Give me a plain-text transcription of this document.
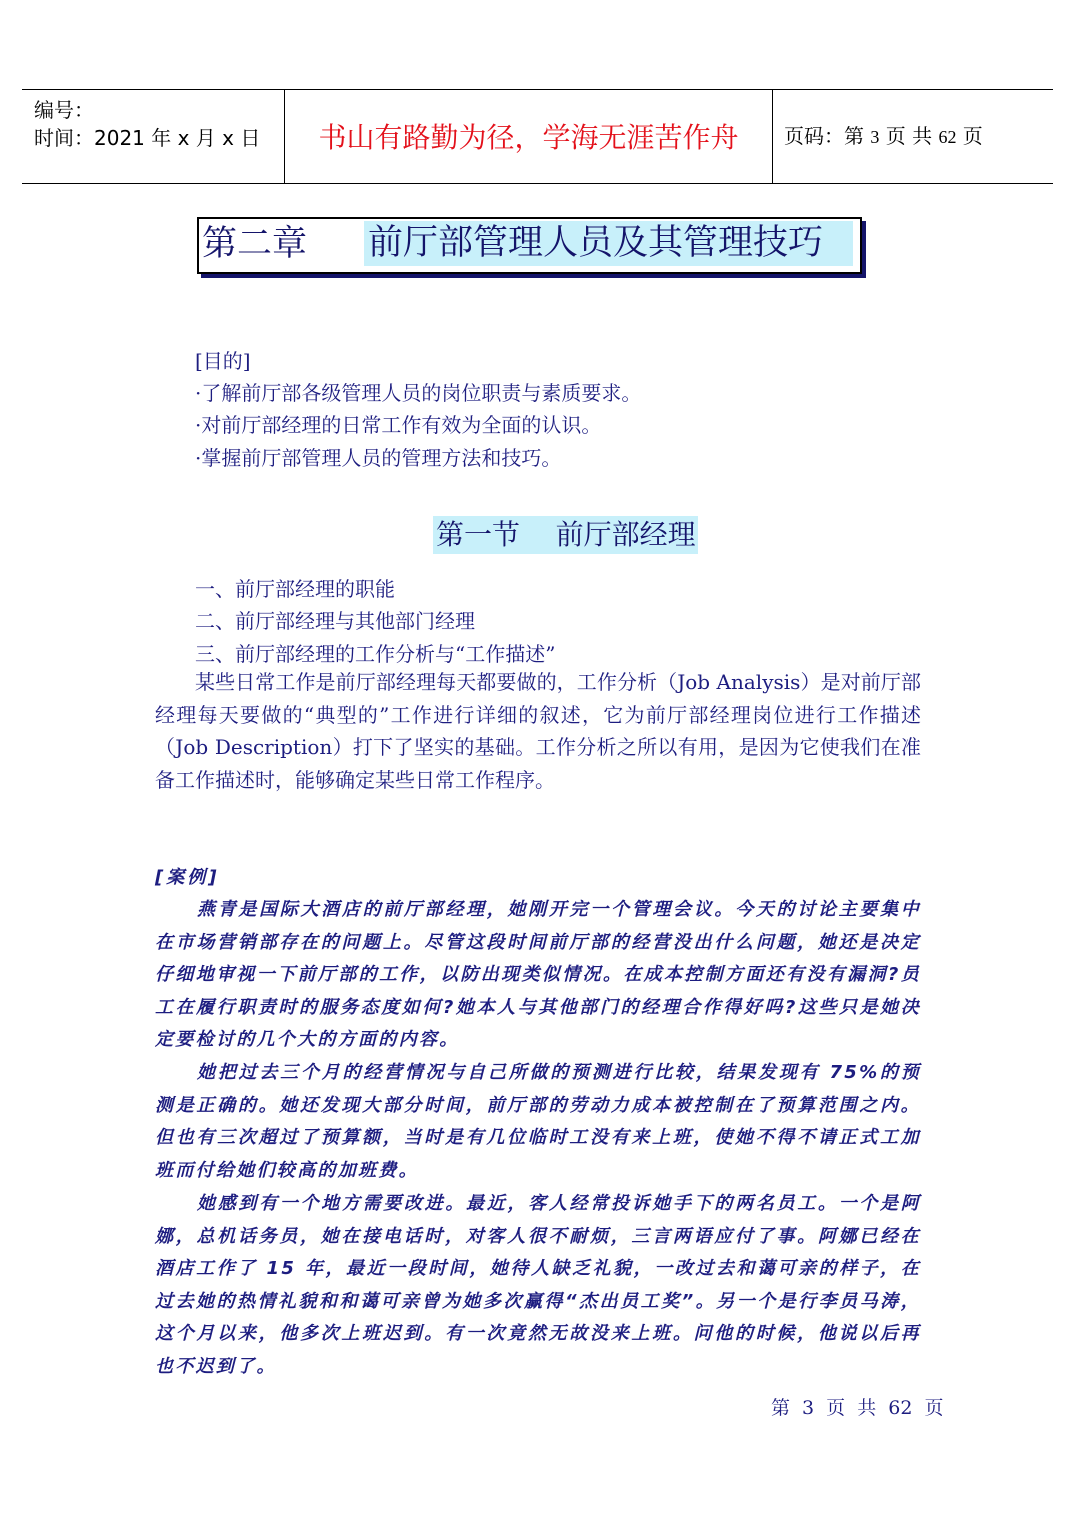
编号：
时间：2021 年 x 月 x 日 书山有路勤为径，学海无涯苦作舟 页码：第 3 页 共 62 页
第二章 前厅部管理人员及其管理技巧
[目的]
·了解前厅部各级管理人员的岗位职责与素质要求。
·对前厅部经理的日常工作有效为全面的认识。
·掌握前厅部管理人员的管理方法和技巧。
第一节    前厅部经理
一、前厅部经理的职能
二、前厅部经理与其他部门经理
三、前厅部经理的工作分析与“工作描述”
某些日常工作是前厅部经理每天都要做的，工作分析（Job Analysis）是对前厅部经理每天要做的“典型的”工作进行详细的叙述，它为前厅部经理岗位进行工作描述（Job Description）打下了坚实的基础。工作分析之所以有用，是因为它使我们在准备工作描述时，能够确定某些日常工作程序。
[案例]
燕青是国际大酒店的前厅部经理，她刚开完一个管理会议。今天的讨论主要集中在市场营销部存在的问题上。尽管这段时间前厅部的经营没出什么问题，她还是决定仔细地审视一下前厅部的工作，以防出现类似情况。在成本控制方面还有没有漏洞?员工在履行职责时的服务态度如何?她本人与其他部门的经理合作得好吗?这些只是她决定要检讨的几个大的方面的内容。
她把过去三个月的经营情况与自己所做的预测进行比较，结果发现有 75%的预测是正确的。她还发现大部分时间，前厅部的劳动力成本被控制在了预算范围之内。但也有三次超过了预算额，当时是有几位临时工没有来上班，使她不得不请正式工加班而付给她们较高的加班费。
她感到有一个地方需要改进。最近，客人经常投诉她手下的两名员工。一个是阿娜，总机话务员，她在接电话时，对客人很不耐烦，三言两语应付了事。阿娜已经在酒店工作了 15 年，最近一段时间，她待人缺乏礼貌，一改过去和蔼可亲的样子，在过去她的热情礼貌和和蔼可亲曾为她多次赢得“杰出员工奖”。另一个是行李员马涛，这个月以来，他多次上班迟到。有一次竟然无故没来上班。问他的时候，他说以后再也不迟到了。
第 3 页 共 62 页
